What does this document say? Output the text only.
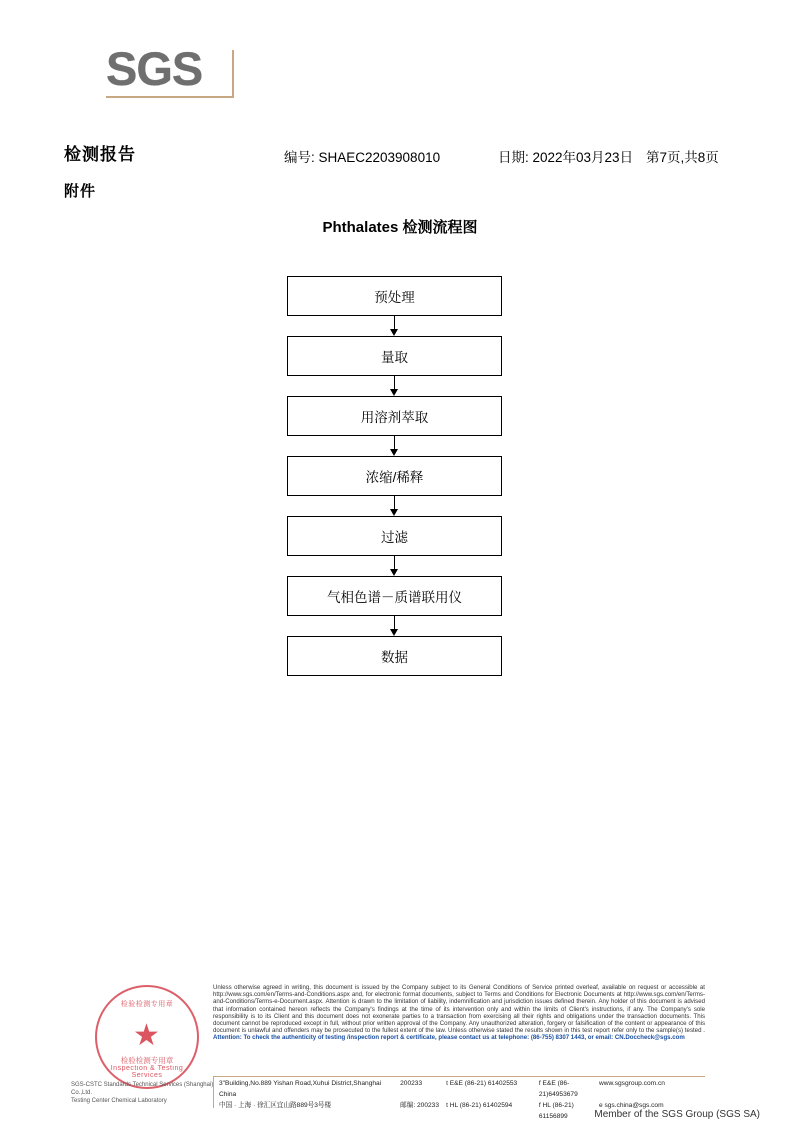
SGS
检测报告
附件
编号: SHAEC2203908010	日期: 2022年03月23日 第7页,共8页
Phthalates 检测流程图
预处理
量取
用溶剂萃取
浓缩/稀释
过滤
气相色谱－质谱联用仪
数据
★
检验检测专用章
检验检测专用章
Inspection & Testing Services
SGS-CSTC Standards Technical Services (Shanghai) Co.,Ltd.
Testing Center Chemical Laboratory
Unless otherwise agreed in writing, this document is issued by the Company subject to its General Conditions of Service printed overleaf, available on request or accessible at http://www.sgs.com/en/Terms-and-Conditions.aspx and, for electronic format documents, subject to Terms and Conditions for Electronic Documents at http://www.sgs.com/en/Terms-and-Conditions/Terms-e-Document.aspx. Attention is drawn to the limitation of liability, indemnification and jurisdiction issues defined therein. Any holder of this document is advised that information contained hereon reflects the Company's findings at the time of its intervention only and within the limits of Client's instructions, if any. The Company's sole responsibility is to its Client and this document does not exonerate parties to a transaction from exercising all their rights and obligations under the transaction documents. This document cannot be reproduced except in full, without prior written approval of the Company. Any unauthorized alteration, forgery or falsification of the content or appearance of this document is unlawful and offenders may be prosecuted to the fullest extent of the law. Unless otherwise stated the results shown in this test report refer only to the sample(s) tested . Attention: To check the authenticity of testing /inspection report & certificate, please contact us at telephone: (86-755) 8307 1443, or email: CN.Doccheck@sgs.com
3"Building,No.889 Yishan Road,Xuhui District,Shanghai China
200233	t E&E (86-21) 61402553	f E&E (86-21)64953679
www.sgsgroup.com.cn
中国 · 上海 · 徐汇区宜山路889号3号楼	邮编: 200233	t HL (86-21) 61402594	f HL (86-21) 61156899
e sgs.china@sgs.com
Member of the SGS Group (SGS SA)
